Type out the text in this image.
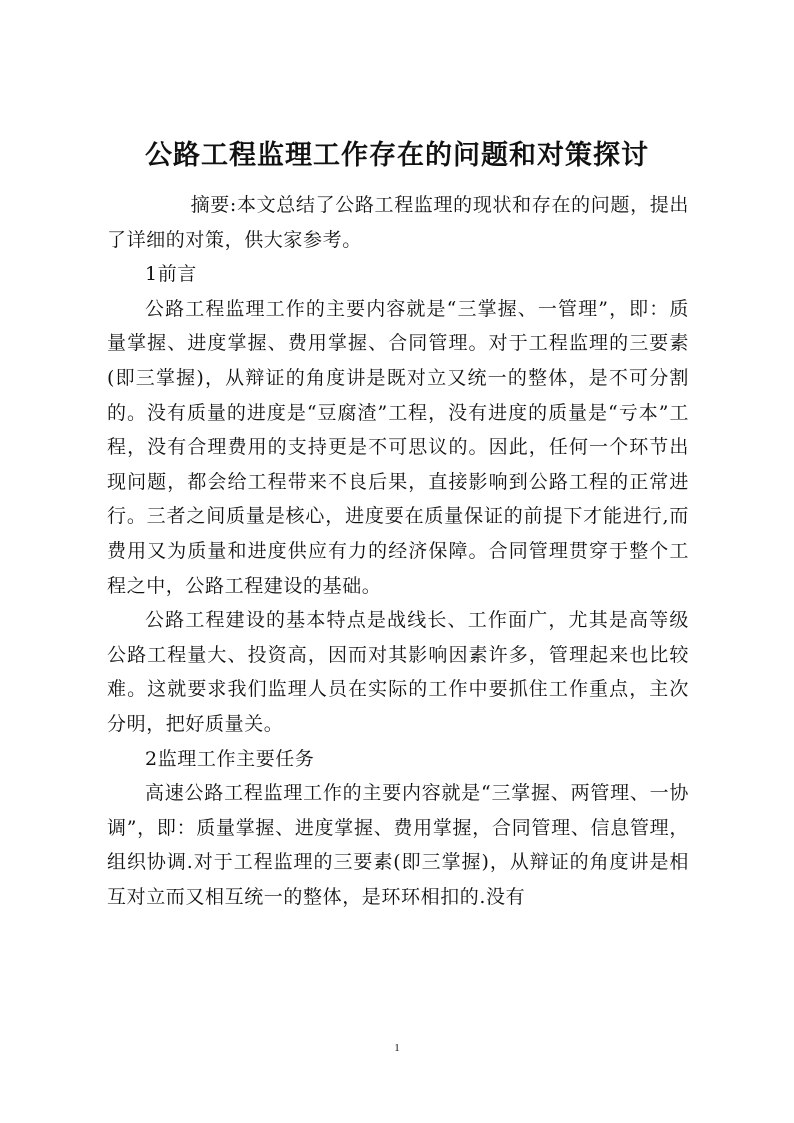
公路工程监理工作存在的问题和对策探讨

摘要:本文总结了公路工程监理的现状和存在的问题，提出了详细的对策，供大家参考。

1前言

公路工程监理工作的主要内容就是“三掌握、一管理”，即：质量掌握、进度掌握、费用掌握、合同管理。对于工程监理的三要素(即三掌握)，从辩证的角度讲是既对立又统一的整体，是不可分割的。没有质量的进度是“豆腐渣”工程，没有进度的质量是“亏本”工程，没有合理费用的支持更是不可思议的。因此，任何一个环节出现问题，都会给工程带来不良后果，直接影响到公路工程的正常进行。三者之间质量是核心，进度要在质量保证的前提下才能进行,而费用又为质量和进度供应有力的经济保障。合同管理贯穿于整个工程之中，公路工程建设的基础。

公路工程建设的基本特点是战线长、工作面广，尤其是高等级公路工程量大、投资高，因而对其影响因素许多，管理起来也比较难。这就要求我们监理人员在实际的工作中要抓住工作重点，主次分明，把好质量关。

2监理工作主要任务

高速公路工程监理工作的主要内容就是“三掌握、两管理、一协调”，即：质量掌握、进度掌握、费用掌握，合同管理、信息管理，组织协调.对于工程监理的三要素(即三掌握)，从辩证的角度讲是相互对立而又相互统一的整体，是环环相扣的.没有

1
